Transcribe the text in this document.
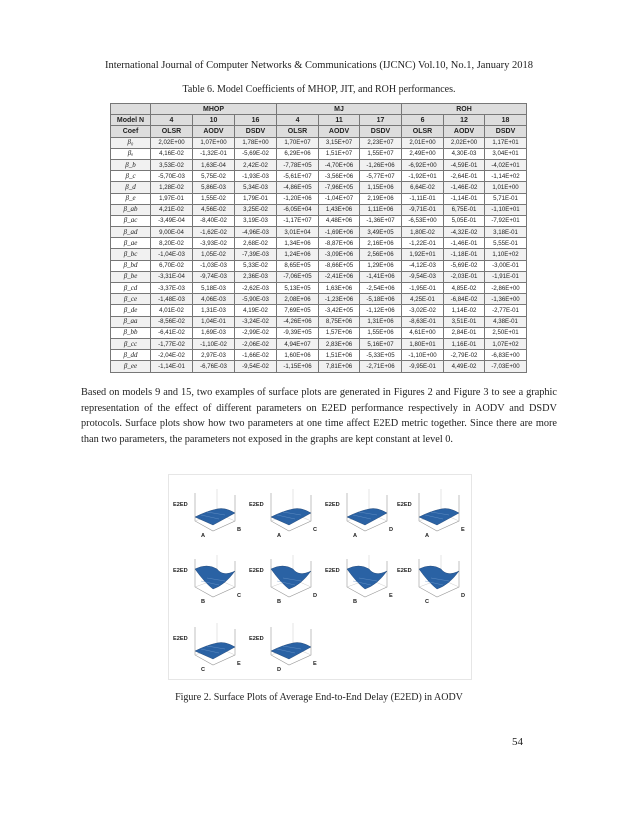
International Journal of Computer Networks & Communications (IJCNC) Vol.10, No.1, January 2018
Table 6. Model Coefficients of MHOP, JIT, and ROH performances.
	MHOP			MJ			ROH		
Model N	4	10	16	4	11	17	6	12	18
Coef	OLSR	AODV	DSDV	OLSR	AODV	DSDV	OLSR	AODV	DSDV
β₀	2,02E+00	1,07E+00	1,78E+00	1,70E+07	3,15E+07	2,23E+07	2,01E+00	2,02E+00	1,17E+01
βₐ	4,16E-02	-1,32E-01	-5,69E-02	6,29E+06	1,51E+07	1,55E+07	2,49E+00	4,30E-03	3,04E+01
β_b	3,53E-02	1,63E-04	2,42E-02	-7,78E+05	-4,70E+06	-1,26E+06	-6,92E+00	-4,59E-01	-4,02E+01
β_c	-5,70E-03	5,75E-02	-1,93E-03	-5,61E+07	-3,56E+06	-5,77E+07	-1,92E+01	-2,64E-01	-1,14E+02
β_d	1,28E-02	5,86E-03	5,34E-03	-4,86E+05	-7,96E+05	1,15E+06	6,64E-02	-1,46E-02	1,01E+00
β_e	1,97E-01	1,55E-02	1,79E-01	-1,20E+06	-1,04E+07	2,19E+06	-1,11E-01	-1,14E-01	5,71E-01
β_ab	4,21E-02	4,56E-02	3,25E-02	-6,05E+04	1,43E+06	1,11E+06	-9,71E-01	6,75E-01	-1,10E+01
β_ac	-3,49E-04	-8,40E-02	3,19E-03	-1,17E+07	4,48E+06	-1,36E+07	-6,53E+00	5,05E-01	-7,92E+01
β_ad	9,00E-04	-1,62E-02	-4,96E-03	3,01E+04	-1,69E+06	3,49E+05	1,80E-02	-4,32E-02	3,18E-01
β_ae	8,20E-02	-3,93E-02	2,68E-02	1,34E+06	-8,87E+06	2,16E+06	-1,22E-01	-1,46E-01	5,55E-01
β_bc	-1,04E-03	1,05E-02	-7,39E-03	1,24E+06	-3,09E+06	2,56E+06	1,92E+01	-1,18E-01	1,10E+02
β_bd	6,70E-02	-1,03E-03	5,33E-02	8,65E+05	-8,66E+05	1,29E+06	-4,12E-03	-5,69E-02	-3,00E-01
β_be	-3,31E-04	-9,74E-03	2,36E-03	-7,06E+05	-2,41E+06	-1,41E+06	-9,54E-03	-2,03E-01	-1,91E-01
β_cd	-3,37E-03	5,18E-03	-2,62E-03	5,13E+05	1,63E+06	-2,54E+06	-1,95E-01	4,85E-02	-2,86E+00
β_ce	-1,48E-03	4,06E-03	-5,90E-03	2,08E+06	-1,23E+06	-5,18E+06	4,25E-01	-6,84E-02	-1,36E+00
β_de	4,01E-02	1,31E-03	4,19E-02	7,69E+05	-3,42E+05	-1,12E+06	-3,02E-02	1,14E-02	-2,77E-01
β_aa	-8,56E-02	1,04E-01	-3,24E-02	-4,26E+06	8,75E+06	1,31E+06	-8,63E-01	3,51E-01	4,38E-01
β_bb	-6,41E-02	1,69E-03	-2,99E-02	-9,39E+05	1,57E+06	1,55E+06	4,61E+00	2,84E-01	2,50E+01
β_cc	-1,77E-02	-1,10E-02	-2,06E-02	4,94E+07	2,83E+06	5,16E+07	1,80E+01	1,16E-01	1,07E+02
β_dd	-2,04E-02	2,97E-03	-1,66E-02	1,60E+06	1,51E+06	-5,33E+05	-1,10E+00	-2,79E-02	-6,83E+00
β_ee	-1,14E-01	-6,76E-03	-9,54E-02	-1,15E+06	7,81E+06	-2,71E+06	-9,95E-01	4,49E-02	-7,03E+00
Based on models 9 and 15, two examples of surface plots are generated in Figures 2 and Figure 3 to see a graphic representation of the effect of different parameters on E2ED performance respectively in AODV and DSDV protocols. Surface plots show how two parameters at one time affect E2ED metric together. Since there are more than two parameters, the parameters not exposed in the graphs are kept constant at level 0.
E2ED
A
B
E2ED
A
C
E2ED
A
D
E2ED
A
E
E2ED
B
C
E2ED
B
D
E2ED
B
E
E2ED
C
D
E2ED
C
E
E2ED
D
E
Figure 2. Surface Plots of Average End-to-End Delay (E2ED) in AODV
54
